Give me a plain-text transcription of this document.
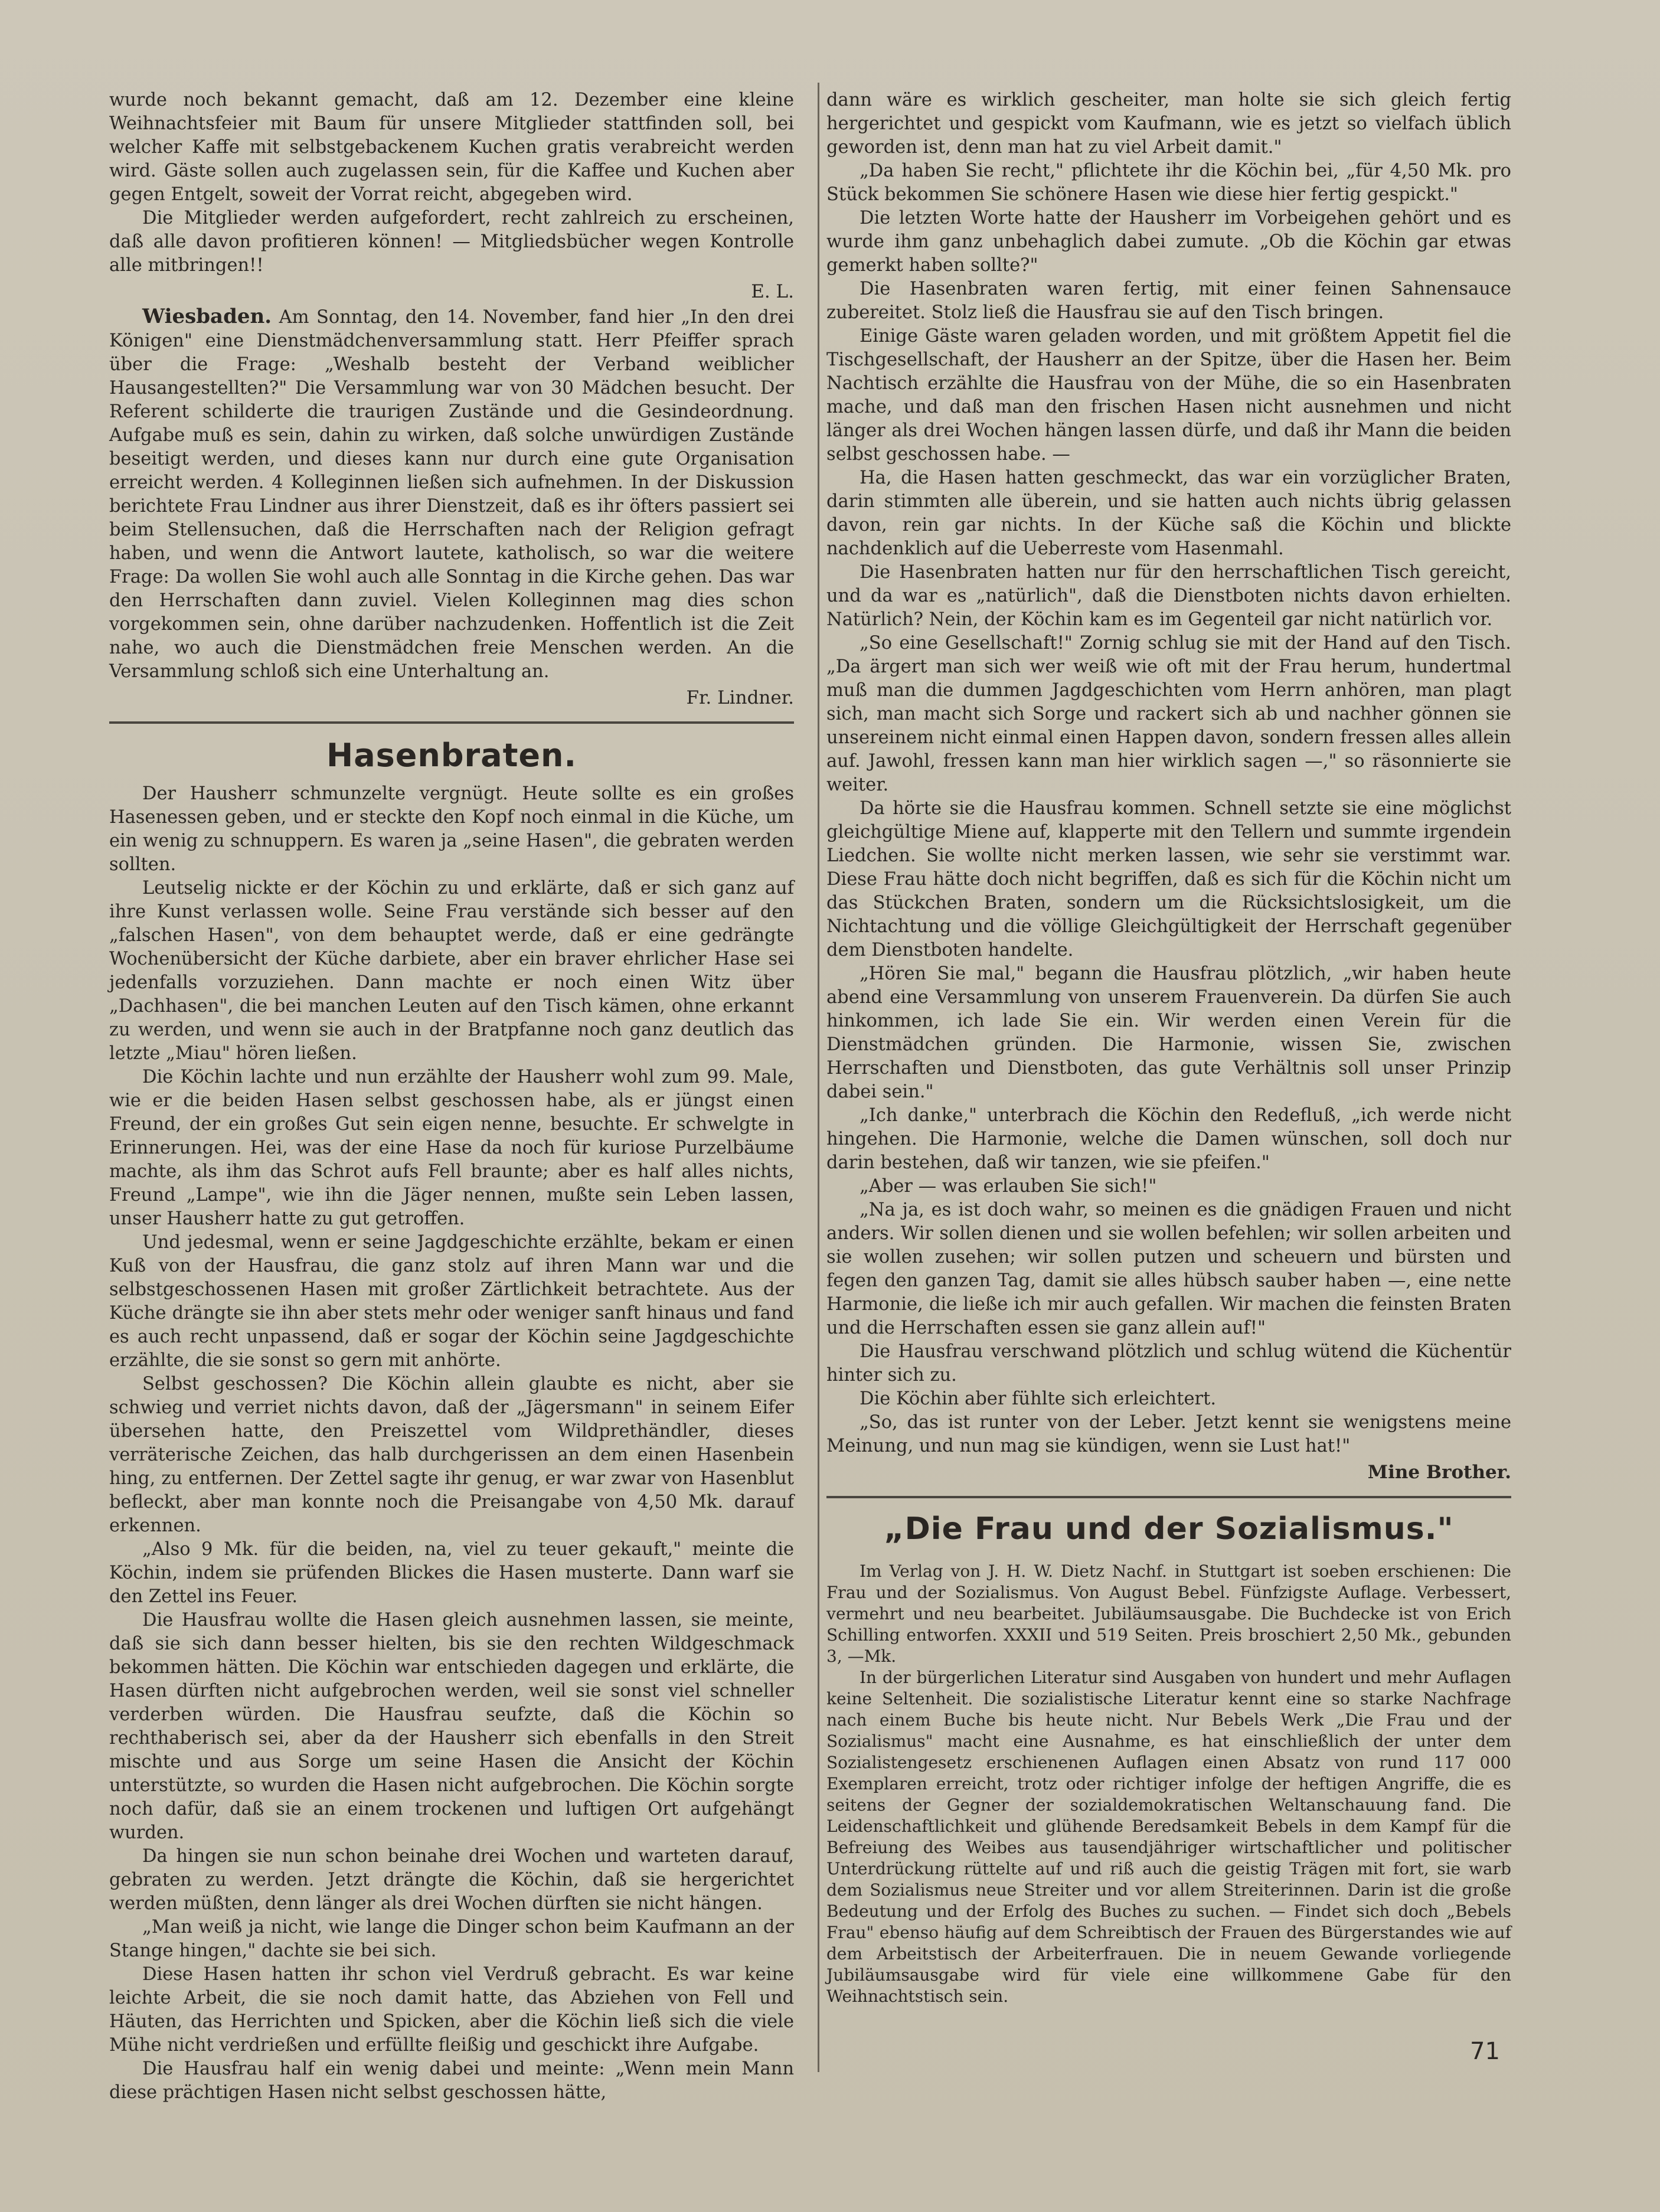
wurde noch bekannt gemacht, daß am 12. Dezember eine kleine Weihnachtsfeier mit Baum für unsere Mitglieder stattfinden soll, bei welcher Kaffe mit selbstgebackenem Kuchen gratis verabreicht werden wird. Gäste sollen auch zugelassen sein, für die Kaffee und Kuchen aber gegen Entgelt, soweit der Vorrat reicht, abgegeben wird.

Die Mitglieder werden aufgefordert, recht zahlreich zu erscheinen, daß alle davon profitieren können! — Mitgliedsbücher wegen Kontrolle alle mitbringen!!

E. L.

Wiesbaden. Am Sonntag, den 14. November, fand hier „In den drei Königen" eine Dienstmädchenversammlung statt. Herr Pfeiffer sprach über die Frage: „Weshalb besteht der Verband weiblicher Hausangestellten?" Die Versammlung war von 30 Mädchen besucht. Der Referent schilderte die traurigen Zustände und die Gesindeordnung. Aufgabe muß es sein, dahin zu wirken, daß solche unwürdigen Zustände beseitigt werden, und dieses kann nur durch eine gute Organisation erreicht werden. 4 Kolleginnen ließen sich aufnehmen. In der Diskussion berichtete Frau Lindner aus ihrer Dienstzeit, daß es ihr öfters passiert sei beim Stellensuchen, daß die Herrschaften nach der Religion gefragt haben, und wenn die Antwort lautete, katholisch, so war die weitere Frage: Da wollen Sie wohl auch alle Sonntag in die Kirche gehen. Das war den Herrschaften dann zuviel. Vielen Kolleginnen mag dies schon vorgekommen sein, ohne darüber nachzudenken. Hoffentlich ist die Zeit nahe, wo auch die Dienstmädchen freie Menschen werden. An die Versammlung schloß sich eine Unterhaltung an.

Fr. Lindner.
Hasenbraten.

Der Hausherr schmunzelte vergnügt. Heute sollte es ein großes Hasenessen geben, und er steckte den Kopf noch einmal in die Küche, um ein wenig zu schnuppern. Es waren ja „seine Hasen", die gebraten werden sollten.

Leutselig nickte er der Köchin zu und erklärte, daß er sich ganz auf ihre Kunst verlassen wolle. Seine Frau verstände sich besser auf den „falschen Hasen", von dem behauptet werde, daß er eine gedrängte Wochenübersicht der Küche darbiete, aber ein braver ehrlicher Hase sei jedenfalls vorzuziehen. Dann machte er noch einen Witz über „Dachhasen", die bei manchen Leuten auf den Tisch kämen, ohne erkannt zu werden, und wenn sie auch in der Bratpfanne noch ganz deutlich das letzte „Miau" hören ließen.

Die Köchin lachte und nun erzählte der Hausherr wohl zum 99. Male, wie er die beiden Hasen selbst geschossen habe, als er jüngst einen Freund, der ein großes Gut sein eigen nenne, besuchte. Er schwelgte in Erinnerungen. Hei, was der eine Hase da noch für kuriose Purzelbäume machte, als ihm das Schrot aufs Fell braunte; aber es half alles nichts, Freund „Lampe", wie ihn die Jäger nennen, mußte sein Leben lassen, unser Hausherr hatte zu gut getroffen.

Und jedesmal, wenn er seine Jagdgeschichte erzählte, bekam er einen Kuß von der Hausfrau, die ganz stolz auf ihren Mann war und die selbstgeschossenen Hasen mit großer Zärtlichkeit betrachtete. Aus der Küche drängte sie ihn aber stets mehr oder weniger sanft hinaus und fand es auch recht unpassend, daß er sogar der Köchin seine Jagdgeschichte erzählte, die sie sonst so gern mit anhörte.

Selbst geschossen? Die Köchin allein glaubte es nicht, aber sie schwieg und verriet nichts davon, daß der „Jägersmann" in seinem Eifer übersehen hatte, den Preiszettel vom Wildprethändler, dieses verräterische Zeichen, das halb durchgerissen an dem einen Hasenbein hing, zu entfernen. Der Zettel sagte ihr genug, er war zwar von Hasenblut befleckt, aber man konnte noch die Preisangabe von 4,50 Mk. darauf erkennen.

„Also 9 Mk. für die beiden, na, viel zu teuer gekauft," meinte die Köchin, indem sie prüfenden Blickes die Hasen musterte. Dann warf sie den Zettel ins Feuer.

Die Hausfrau wollte die Hasen gleich ausnehmen lassen, sie meinte, daß sie sich dann besser hielten, bis sie den rechten Wildgeschmack bekommen hätten. Die Köchin war entschieden dagegen und erklärte, die Hasen dürften nicht aufgebrochen werden, weil sie sonst viel schneller verderben würden. Die Hausfrau seufzte, daß die Köchin so rechthaberisch sei, aber da der Hausherr sich ebenfalls in den Streit mischte und aus Sorge um seine Hasen die Ansicht der Köchin unterstützte, so wurden die Hasen nicht aufgebrochen. Die Köchin sorgte noch dafür, daß sie an einem trockenen und luftigen Ort aufgehängt wurden.

Da hingen sie nun schon beinahe drei Wochen und warteten darauf, gebraten zu werden. Jetzt drängte die Köchin, daß sie hergerichtet werden müßten, denn länger als drei Wochen dürften sie nicht hängen.

„Man weiß ja nicht, wie lange die Dinger schon beim Kaufmann an der Stange hingen," dachte sie bei sich.

Diese Hasen hatten ihr schon viel Verdruß gebracht. Es war keine leichte Arbeit, die sie noch damit hatte, das Abziehen von Fell und Häuten, das Herrichten und Spicken, aber die Köchin ließ sich die viele Mühe nicht verdrießen und erfüllte fleißig und geschickt ihre Aufgabe.

Die Hausfrau half ein wenig dabei und meinte: „Wenn mein Mann diese prächtigen Hasen nicht selbst geschossen hätte,

dann wäre es wirklich gescheiter, man holte sie sich gleich fertig hergerichtet und gespickt vom Kaufmann, wie es jetzt so vielfach üblich geworden ist, denn man hat zu viel Arbeit damit."

„Da haben Sie recht," pflichtete ihr die Köchin bei, „für 4,50 Mk. pro Stück bekommen Sie schönere Hasen wie diese hier fertig gespickt."

Die letzten Worte hatte der Hausherr im Vorbeigehen gehört und es wurde ihm ganz unbehaglich dabei zumute. „Ob die Köchin gar etwas gemerkt haben sollte?"

Die Hasenbraten waren fertig, mit einer feinen Sahnensauce zubereitet. Stolz ließ die Hausfrau sie auf den Tisch bringen.

Einige Gäste waren geladen worden, und mit größtem Appetit fiel die Tischgesellschaft, der Hausherr an der Spitze, über die Hasen her. Beim Nachtisch erzählte die Hausfrau von der Mühe, die so ein Hasenbraten mache, und daß man den frischen Hasen nicht ausnehmen und nicht länger als drei Wochen hängen lassen dürfe, und daß ihr Mann die beiden selbst geschossen habe. —

Ha, die Hasen hatten geschmeckt, das war ein vorzüglicher Braten, darin stimmten alle überein, und sie hatten auch nichts übrig gelassen davon, rein gar nichts. In der Küche saß die Köchin und blickte nachdenklich auf die Ueberreste vom Hasenmahl.

Die Hasenbraten hatten nur für den herrschaftlichen Tisch gereicht, und da war es „natürlich", daß die Dienstboten nichts davon erhielten. Natürlich? Nein, der Köchin kam es im Gegenteil gar nicht natürlich vor.

„So eine Gesellschaft!" Zornig schlug sie mit der Hand auf den Tisch. „Da ärgert man sich wer weiß wie oft mit der Frau herum, hundertmal muß man die dummen Jagdgeschichten vom Herrn anhören, man plagt sich, man macht sich Sorge und rackert sich ab und nachher gönnen sie unsereinem nicht einmal einen Happen davon, sondern fressen alles allein auf. Jawohl, fressen kann man hier wirklich sagen —," so räsonnierte sie weiter.

Da hörte sie die Hausfrau kommen. Schnell setzte sie eine möglichst gleichgültige Miene auf, klapperte mit den Tellern und summte irgendein Liedchen. Sie wollte nicht merken lassen, wie sehr sie verstimmt war. Diese Frau hätte doch nicht begriffen, daß es sich für die Köchin nicht um das Stückchen Braten, sondern um die Rücksichtslosigkeit, um die Nichtachtung und die völlige Gleichgültigkeit der Herrschaft gegenüber dem Dienstboten handelte.

„Hören Sie mal," begann die Hausfrau plötzlich, „wir haben heute abend eine Versammlung von unserem Frauenverein. Da dürfen Sie auch hinkommen, ich lade Sie ein. Wir werden einen Verein für die Dienstmädchen gründen. Die Harmonie, wissen Sie, zwischen Herrschaften und Dienstboten, das gute Verhältnis soll unser Prinzip dabei sein."

„Ich danke," unterbrach die Köchin den Redefluß, „ich werde nicht hingehen. Die Harmonie, welche die Damen wünschen, soll doch nur darin bestehen, daß wir tanzen, wie sie pfeifen."

„Aber — was erlauben Sie sich!"

„Na ja, es ist doch wahr, so meinen es die gnädigen Frauen und nicht anders. Wir sollen dienen und sie wollen befehlen; wir sollen arbeiten und sie wollen zusehen; wir sollen putzen und scheuern und bürsten und fegen den ganzen Tag, damit sie alles hübsch sauber haben —, eine nette Harmonie, die ließe ich mir auch gefallen. Wir machen die feinsten Braten und die Herrschaften essen sie ganz allein auf!"

Die Hausfrau verschwand plötzlich und schlug wütend die Küchentür hinter sich zu.

Die Köchin aber fühlte sich erleichtert.

„So, das ist runter von der Leber. Jetzt kennt sie wenigstens meine Meinung, und nun mag sie kündigen, wenn sie Lust hat!"

Mine Brother.
„Die Frau und der Sozialismus."

Im Verlag von J. H. W. Dietz Nachf. in Stuttgart ist soeben erschienen: Die Frau und der Sozialismus. Von August Bebel. Fünfzigste Auflage. Verbessert, vermehrt und neu bearbeitet. Jubiläumsausgabe. Die Buchdecke ist von Erich Schilling entworfen. XXXII und 519 Seiten. Preis broschiert 2,50 Mk., gebunden 3, —Mk.

In der bürgerlichen Literatur sind Ausgaben von hundert und mehr Auflagen keine Seltenheit. Die sozialistische Literatur kennt eine so starke Nachfrage nach einem Buche bis heute nicht. Nur Bebels Werk „Die Frau und der Sozialismus" macht eine Ausnahme, es hat einschließlich der unter dem Sozialistengesetz erschienenen Auflagen einen Absatz von rund 117 000 Exemplaren erreicht, trotz oder richtiger infolge der heftigen Angriffe, die es seitens der Gegner der sozialdemokratischen Weltanschauung fand. Die Leidenschaftlichkeit und glühende Beredsamkeit Bebels in dem Kampf für die Befreiung des Weibes aus tausendjähriger wirtschaftlicher und politischer Unterdrückung rüttelte auf und riß auch die geistig Trägen mit fort, sie warb dem Sozialismus neue Streiter und vor allem Streiterinnen. Darin ist die große Bedeutung und der Erfolg des Buches zu suchen. — Findet sich doch „Bebels Frau" ebenso häufig auf dem Schreibtisch der Frauen des Bürgerstandes wie auf dem Arbeitstisch der Arbeiterfrauen. Die in neuem Gewande vorliegende Jubiläumsausgabe wird für viele eine willkommene Gabe für den Weihnachtstisch sein.

71
